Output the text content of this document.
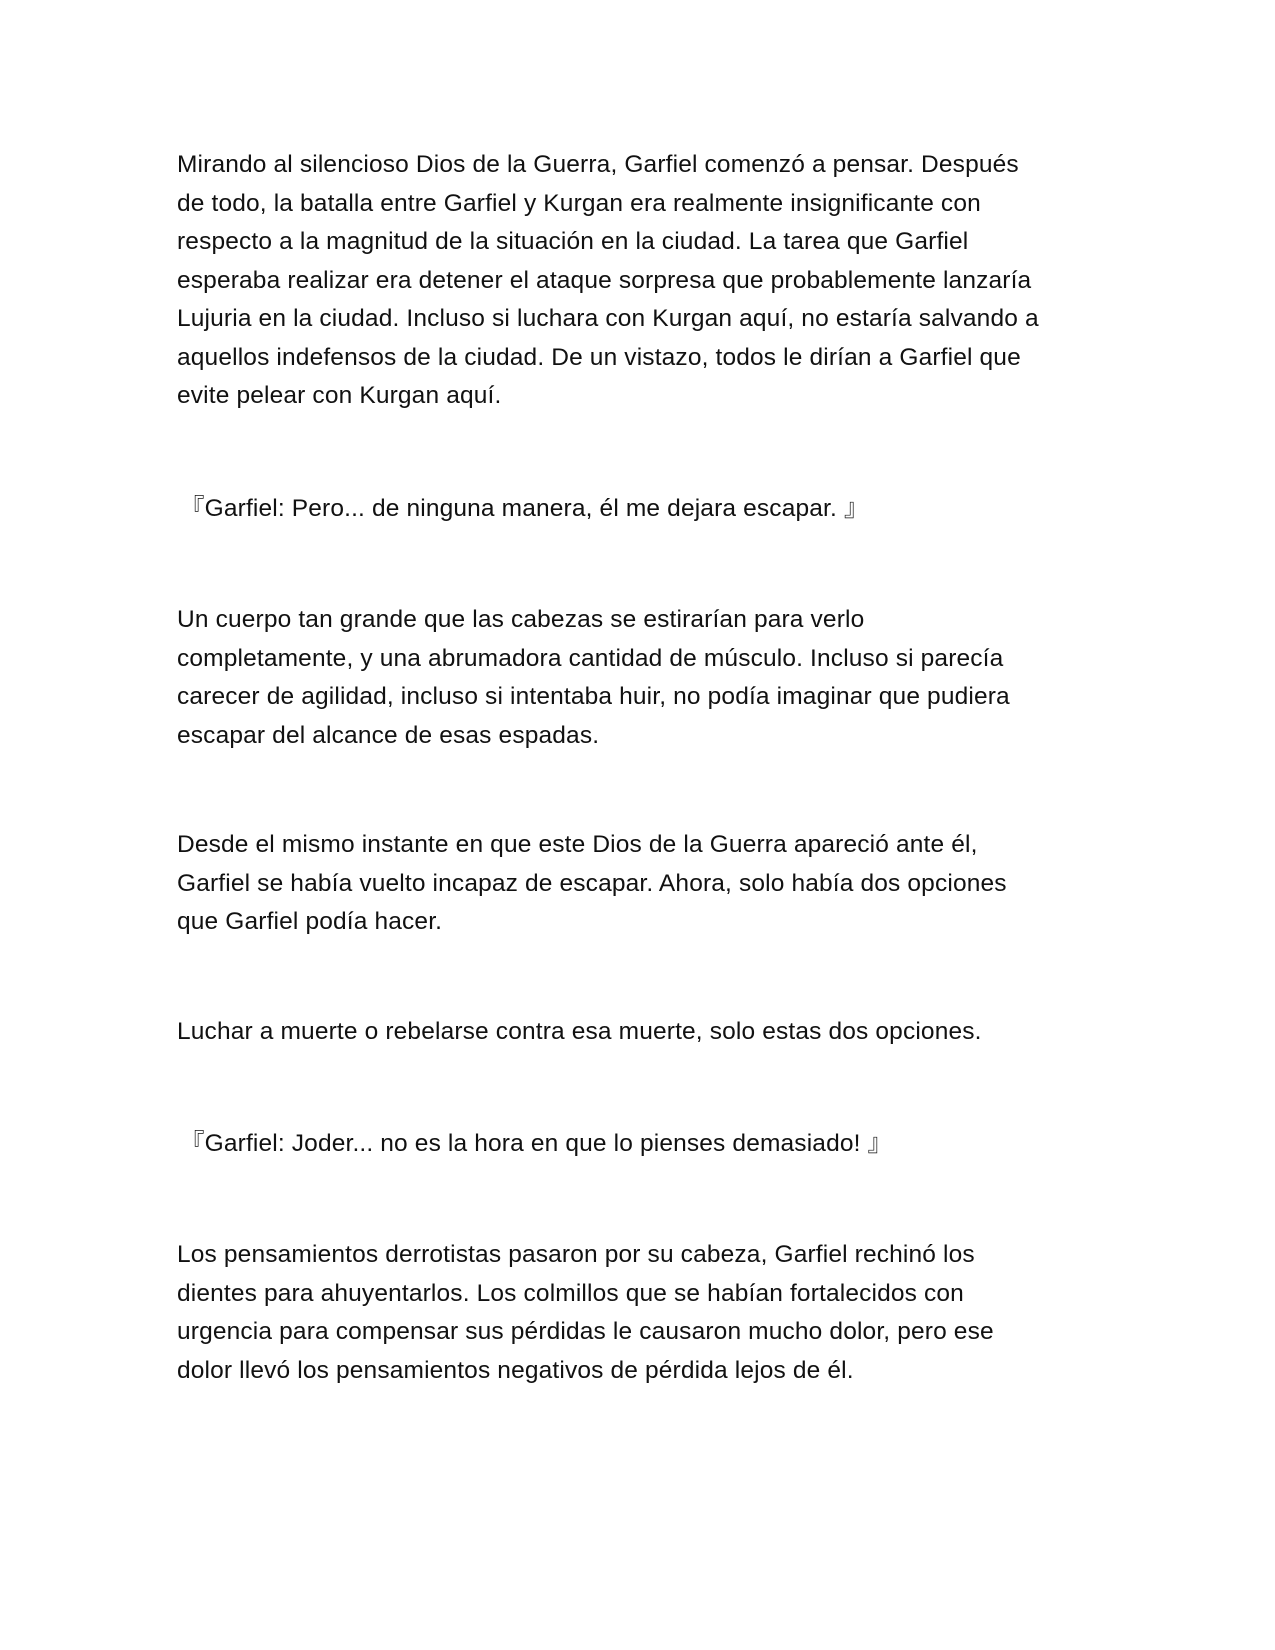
Mirando al silencioso Dios de la Guerra, Garfiel comenzó a pensar. Después
de todo, la batalla entre Garfiel y Kurgan era realmente insignificante con
respecto a la magnitud de la situación en la ciudad. La tarea que Garfiel
esperaba realizar era detener el ataque sorpresa que probablemente lanzaría
Lujuria en la ciudad. Incluso si luchara con Kurgan aquí, no estaría salvando a
aquellos indefensos de la ciudad. De un vistazo, todos le dirían a Garfiel que
evite pelear con Kurgan aquí.

『Garfiel: Pero... de ninguna manera, él me dejara escapar. 』

Un cuerpo tan grande que las cabezas se estirarían para verlo
completamente, y una abrumadora cantidad de músculo. Incluso si parecía
carecer de agilidad, incluso si intentaba huir, no podía imaginar que pudiera
escapar del alcance de esas espadas.

Desde el mismo instante en que este Dios de la Guerra apareció ante él,
Garfiel se había vuelto incapaz de escapar. Ahora, solo había dos opciones
que Garfiel podía hacer.

Luchar a muerte o rebelarse contra esa muerte, solo estas dos opciones.

『Garfiel: Joder... no es la hora en que lo pienses demasiado! 』

Los pensamientos derrotistas pasaron por su cabeza, Garfiel rechinó los
dientes para ahuyentarlos. Los colmillos que se habían fortalecidos con
urgencia para compensar sus pérdidas le causaron mucho dolor, pero ese
dolor llevó los pensamientos negativos de pérdida lejos de él.
